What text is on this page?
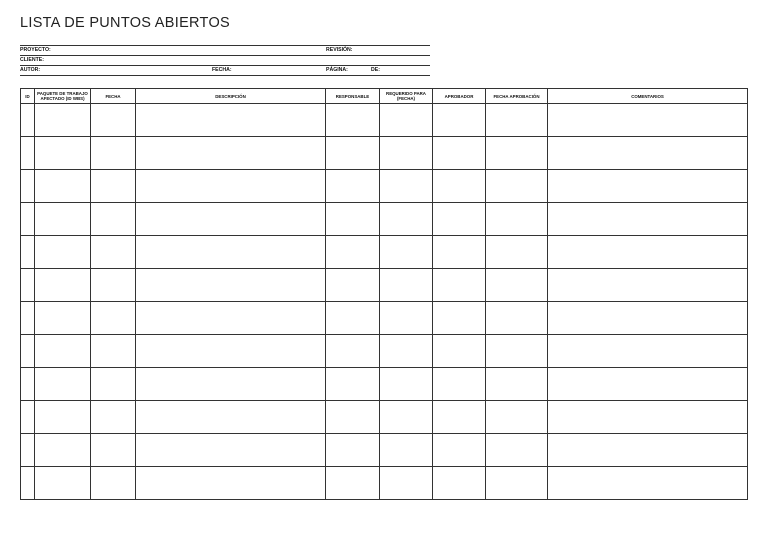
LISTA DE PUNTOS ABIERTOS
PROYECTO:	REVISIÓN:
CLIENTE:
AUTOR:	FECHA:	PÁGINA:	DE:
ID	PAQUETE DE TRABAJO AFECTADO (ID WBS)	FECHA	DESCRIPCIÓN	RESPONSABLE	REQUERIDO PARA (FECHA)	APROBADOR	FECHA APROBACIÓN	COMENTARIOS
